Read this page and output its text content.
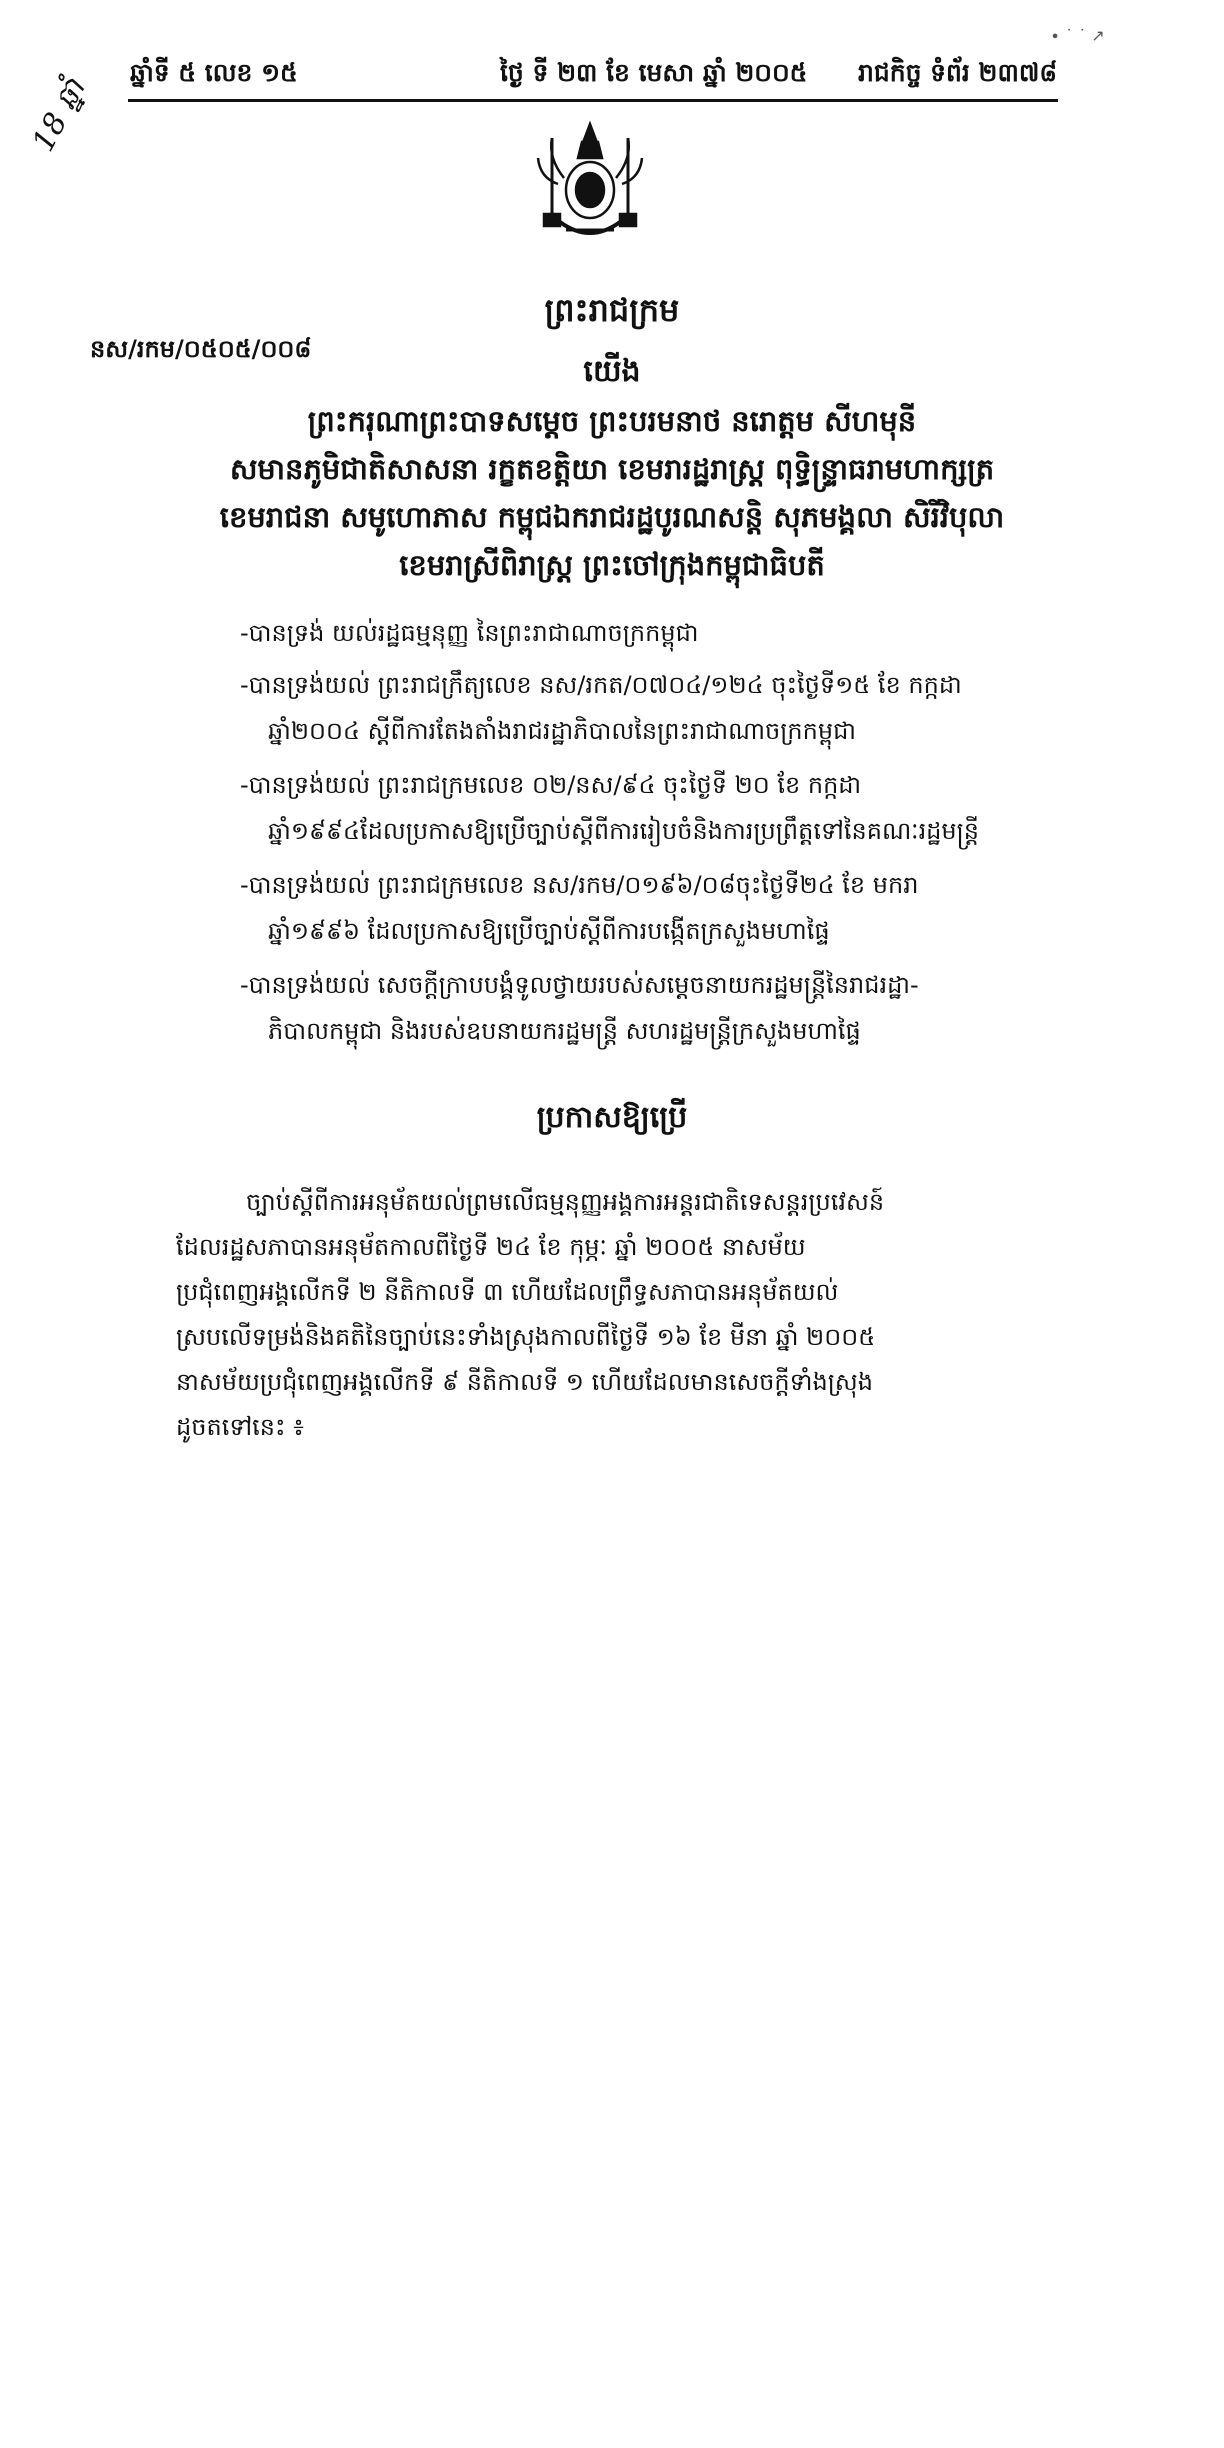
ឆ្នាំទី ៥ លេខ ១៥	ថ្ងៃ ទី ២៣ ខែ មេសា ឆ្នាំ ២០០៥ រាជកិច្ច ទំព័រ ២៣៧៨
∙ ˙ ˙ ↗
18 ឆ្នាំ
ព្រះរាជក្រម
នស/រកម/០៥០៥/០០៨
យើង
ព្រះករុណាព្រះបាទសម្ដេច ព្រះបរមនាថ នរោត្តម សីហមុនី
សមានភូមិជាតិសាសនា រក្ខតខត្តិយា ខេមរារដ្ឋរាស្ត្រ ពុទ្ធិន្ទ្រាធរាមហាក្សត្រ
ខេមរាជនា សមូហោភាស កម្ពុជឯករាជរដ្ឋបូរណសន្តិ សុភមង្គលា សិរីវិបុលា
ខេមរាស្រីពិរាស្ត្រ ព្រះចៅក្រុងកម្ពុជាធិបតី
-បានទ្រង់ យល់រដ្ឋធម្មនុញ្ញ នៃព្រះរាជាណាចក្រកម្ពុជា
-បានទ្រង់យល់ ព្រះរាជក្រឹត្យលេខ នស/រកត/០៧០៤/១២៤ ចុះថ្ងៃទី១៥ ខែ កក្កដា
ឆ្នាំ២០០៤ ស្ដីពីការតែងតាំងរាជរដ្ឋាភិបាលនៃព្រះរាជាណាចក្រកម្ពុជា
-បានទ្រង់យល់ ព្រះរាជក្រមលេខ ០២/នស/៩៤ ចុះថ្ងៃទី ២០ ខែ កក្កដា
ឆ្នាំ១៩៩៤ដែលប្រកាសឱ្យប្រើច្បាប់ស្ដីពីការរៀបចំនិងការប្រព្រឹត្តទៅនៃគណៈរដ្ឋមន្ត្រី
-បានទ្រង់យល់ ព្រះរាជក្រមលេខ នស/រកម/០១៩៦/០៨ចុះថ្ងៃទី២៤ ខែ មករា
ឆ្នាំ១៩៩៦ ដែលប្រកាសឱ្យប្រើច្បាប់ស្ដីពីការបង្កើតក្រសួងមហាផ្ទៃ
-បានទ្រង់យល់ សេចក្ដីក្រាបបង្គំទូលថ្វាយរបស់សម្ដេចនាយករដ្ឋមន្ត្រីនៃរាជរដ្ឋា-
ភិបាលកម្ពុជា និងរបស់ឧបនាយករដ្ឋមន្ត្រី សហរដ្ឋមន្ត្រីក្រសួងមហាផ្ទៃ
ប្រកាសឱ្យប្រើ
ច្បាប់ស្ដីពីការអនុម័តយល់ព្រមលើធម្មនុញ្ញអង្គការអន្តរជាតិទេសន្តរប្រវេសន៍
ដែលរដ្ឋសភាបានអនុម័តកាលពីថ្ងៃទី ២៤ ខែ កុម្ភៈ ឆ្នាំ ២០០៥ នាសម័យ
ប្រជុំពេញអង្គលើកទី ២ នីតិកាលទី ៣ ហើយដែលព្រឹទ្ធសភាបានអនុម័តយល់
ស្របលើទម្រង់និងគតិនៃច្បាប់នេះទាំងស្រុងកាលពីថ្ងៃទី ១៦ ខែ មីនា ឆ្នាំ ២០០៥
នាសម័យប្រជុំពេញអង្គលើកទី ៩ នីតិកាលទី ១ ហើយដែលមានសេចក្ដីទាំងស្រុង
ដូចតទៅនេះ ៖
